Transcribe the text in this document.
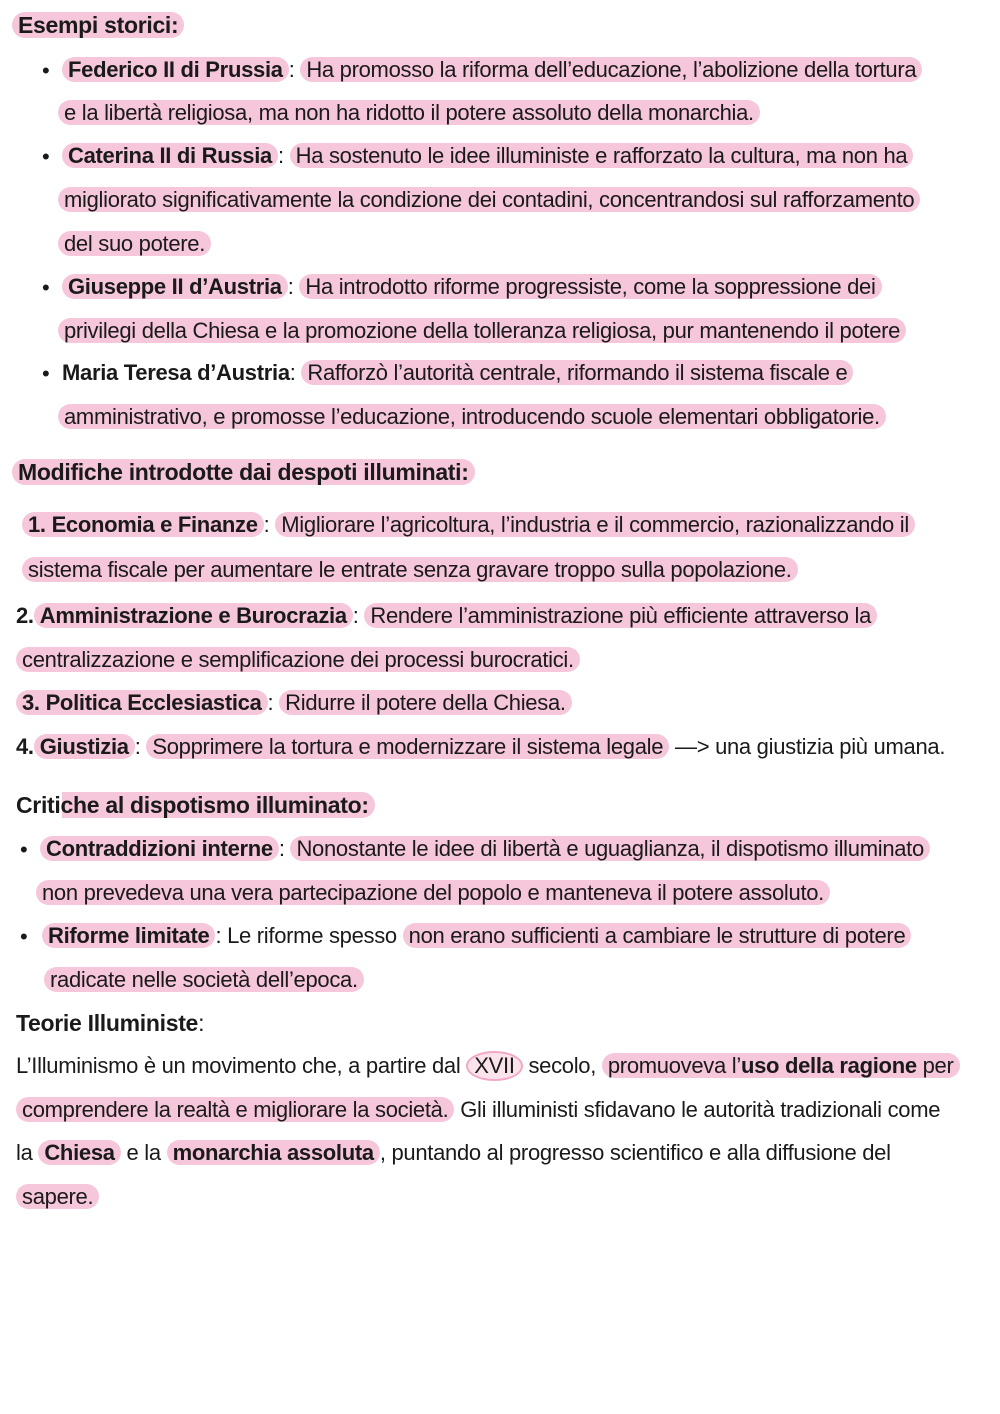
Esempi storici:
• Federico II di Prussia : Ha promosso la riforma dell’educazione, l’abolizione della tortura
e la libertà religiosa, ma non ha ridotto il potere assoluto della monarchia.
• Caterina II di Russia : Ha sostenuto le idee illuministe e rafforzato la cultura, ma non ha
migliorato significativamente la condizione dei contadini, concentrandosi sul rafforzamento
del suo potere.
• Giuseppe II d’Austria : Ha introdotto riforme progressiste, come la soppressione dei
privilegi della Chiesa e la promozione della tolleranza religiosa, pur mantenendo il potere
• Maria Teresa d’Austria: Rafforzò l’autorità centrale, riformando il sistema fiscale e
amministrativo, e promosse l’educazione, introducendo scuole elementari obbligatorie.
Modifiche introdotte dai despoti illuminati:
1. Economia e Finanze : Migliorare l’agricoltura, l’industria e il commercio, razionalizzando il
sistema fiscale per aumentare le entrate senza gravare troppo sulla popolazione.
2. Amministrazione e Burocrazia : Rendere l’amministrazione più efficiente attraverso la
centralizzazione e semplificazione dei processi burocratici.
3. Politica Ecclesiastica : Ridurre il potere della Chiesa.
4. Giustizia : Sopprimere la tortura e modernizzare il sistema legale —> una giustizia più umana.
Critiche al dispotismo illuminato:
• Contraddizioni interne : Nonostante le idee di libertà e uguaglianza, il dispotismo illuminato
non prevedeva una vera partecipazione del popolo e manteneva il potere assoluto.
• Riforme limitate : Le riforme spesso non erano sufficienti a cambiare le strutture di potere
radicate nelle società dell’epoca.
Teorie Illuministe:
L’Illuminismo è un movimento che, a partire dal XVII secolo, promuoveva l’uso della ragione per
comprendere la realtà e migliorare la società. Gli illuministi sfidavano le autorità tradizionali come
la Chiesa e la monarchia assoluta , puntando al progresso scientifico e alla diffusione del
sapere.
